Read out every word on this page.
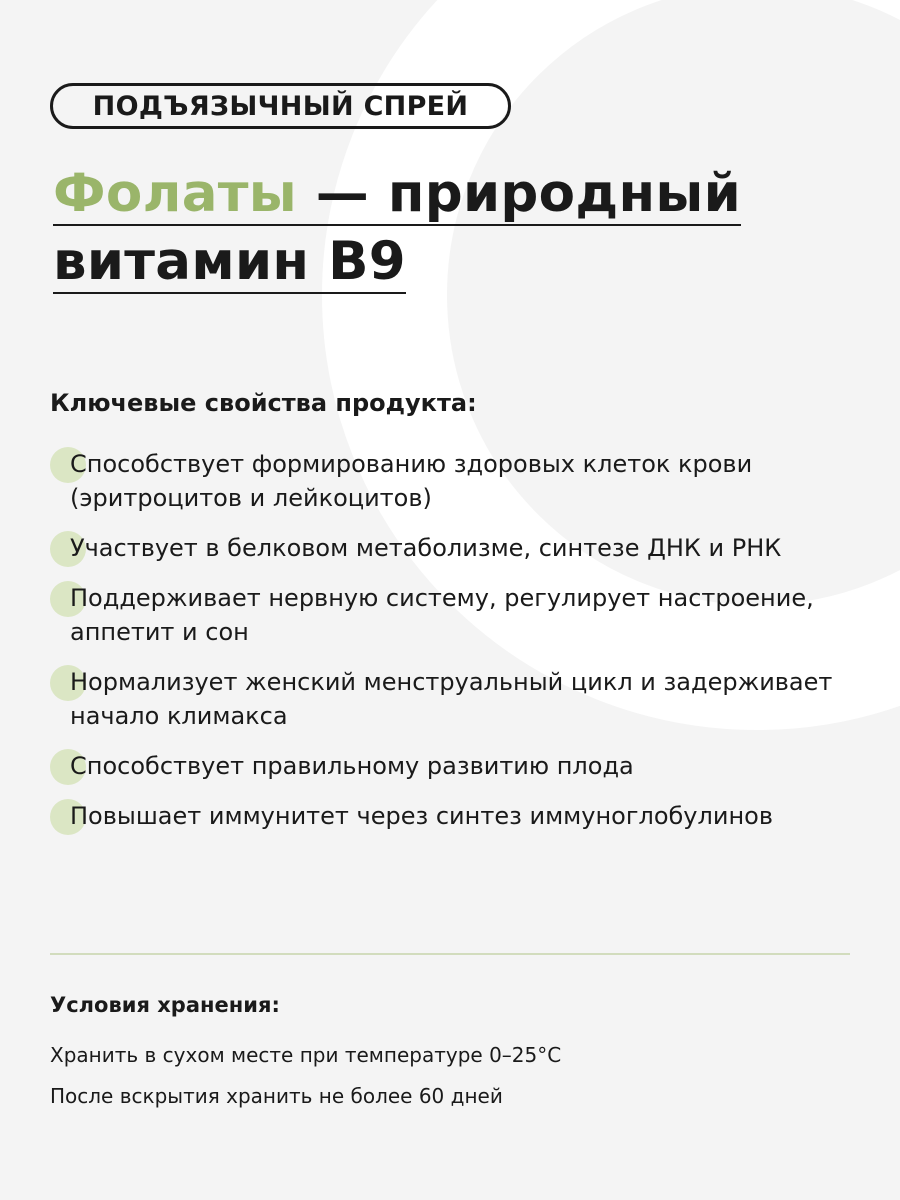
ПОДЪЯЗЫЧНЫЙ СПРЕЙ
Фолаты — природный
витамин B9
Ключевые свойства продукта:
Способствует формированию здоровых клеток крови (эритроцитов и лейкоцитов)
Участвует в белковом метаболизме, синтезе ДНК и РНК
Поддерживает нервную систему, регулирует настроение, аппетит и сон
Нормализует женский менструальный цикл и задерживает начало климакса
Способствует правильному развитию плода
Повышает иммунитет через синтез иммуноглобулинов
Условия хранения:

Хранить в сухом месте при температуре 0–25°C

После вскрытия хранить не более 60 дней
